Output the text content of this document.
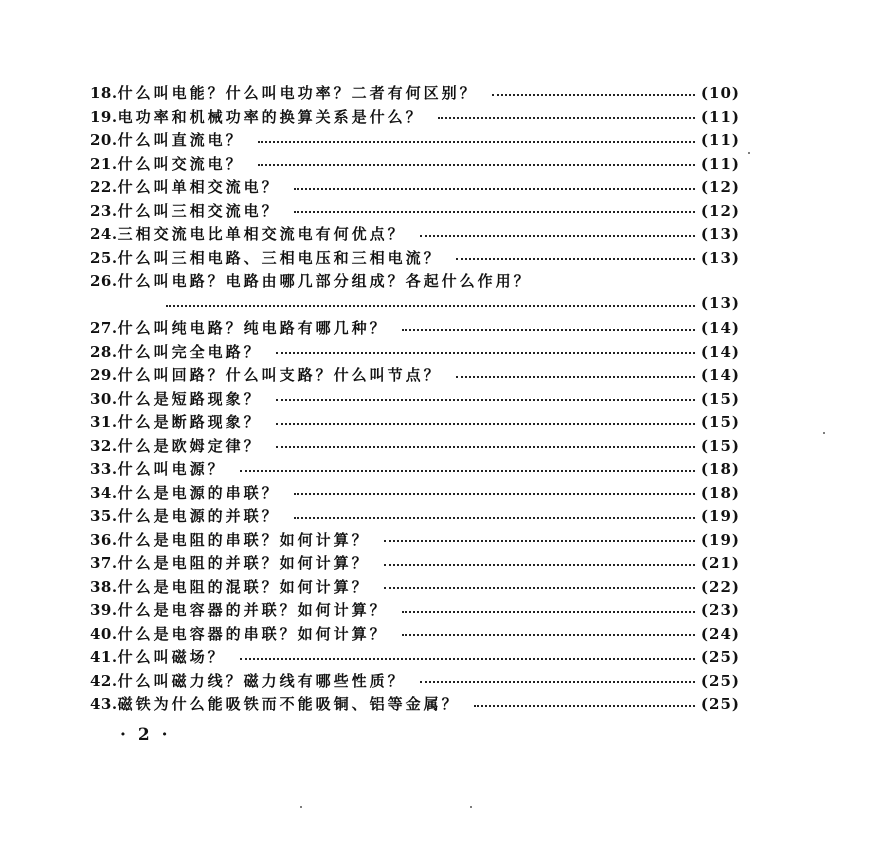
18. 什么叫电能？什么叫电功率？二者有何区别？	(10)
19. 电功率和机械功率的换算关系是什么？	(11)
20. 什么叫直流电？	(11)
21. 什么叫交流电？	(11)
22. 什么叫单相交流电？	(12)
23. 什么叫三相交流电？	(12)
24. 三相交流电比单相交流电有何优点？	(13)
25. 什么叫三相电路、三相电压和三相电流？	(13)
26. 什么叫电路？电路由哪几部分组成？各起什么作用？
(13)
27. 什么叫纯电路？纯电路有哪几种？	(14)
28. 什么叫完全电路？	(14)
29. 什么叫回路？什么叫支路？什么叫节点？	(14)
30. 什么是短路现象？	(15)
31. 什么是断路现象？	(15)
32. 什么是欧姆定律？	(15)
33. 什么叫电源？	(18)
34. 什么是电源的串联？	(18)
35. 什么是电源的并联？	(19)
36. 什么是电阻的串联？如何计算？	(19)
37. 什么是电阻的并联？如何计算？	(21)
38. 什么是电阻的混联？如何计算？	(22)
39. 什么是电容器的并联？如何计算？	(23)
40. 什么是电容器的串联？如何计算？	(24)
41. 什么叫磁场？	(25)
42. 什么叫磁力线？磁力线有哪些性质？	(25)
43. 磁铁为什么能吸铁而不能吸铜、铝等金属？	(25)
· 2 ·
